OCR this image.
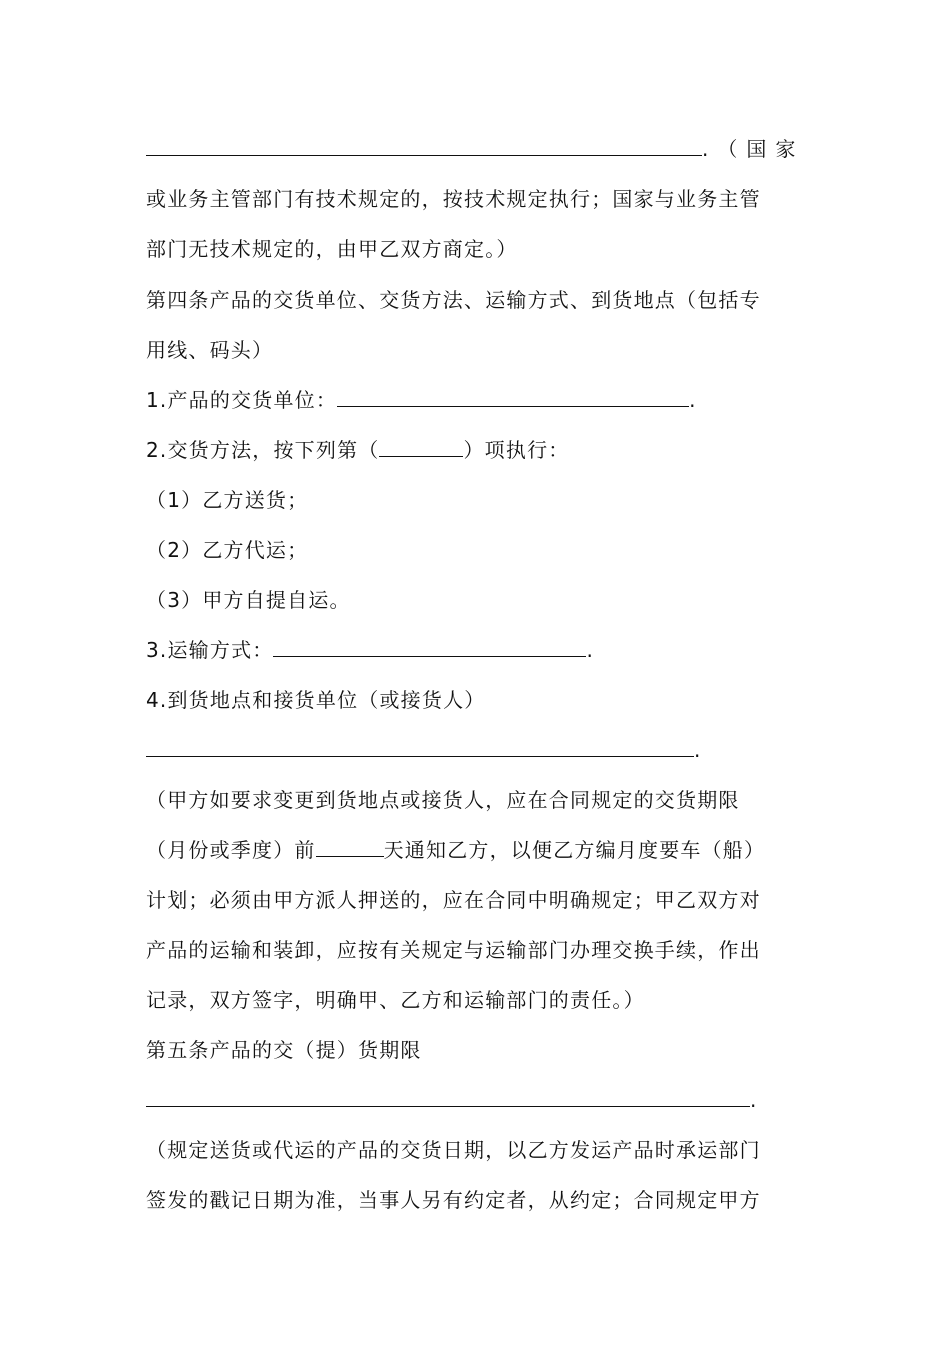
.（国家
或业务主管部门有技术规定的，按技术规定执行；国家与业务主管
部门无技术规定的，由甲乙双方商定。）
第四条产品的交货单位、交货方法、运输方式、到货地点（包括专
用线、码头）
1.产品的交货单位：	.
2.交货方法，按下列第（	）项执行：
（1）乙方送货；
（2）乙方代运；
（3）甲方自提自运。
3.运输方式：	.
4.到货地点和接货单位（或接货人）
.
（甲方如要求变更到货地点或接货人，应在合同规定的交货期限
（月份或季度）前	天通知乙方，以便乙方编月度要车（船）
计划；必须由甲方派人押送的，应在合同中明确规定；甲乙双方对
产品的运输和装卸，应按有关规定与运输部门办理交换手续，作出
记录，双方签字，明确甲、乙方和运输部门的责任。）
第五条产品的交（提）货期限
.
（规定送货或代运的产品的交货日期，以乙方发运产品时承运部门
签发的戳记日期为准，当事人另有约定者，从约定；合同规定甲方
